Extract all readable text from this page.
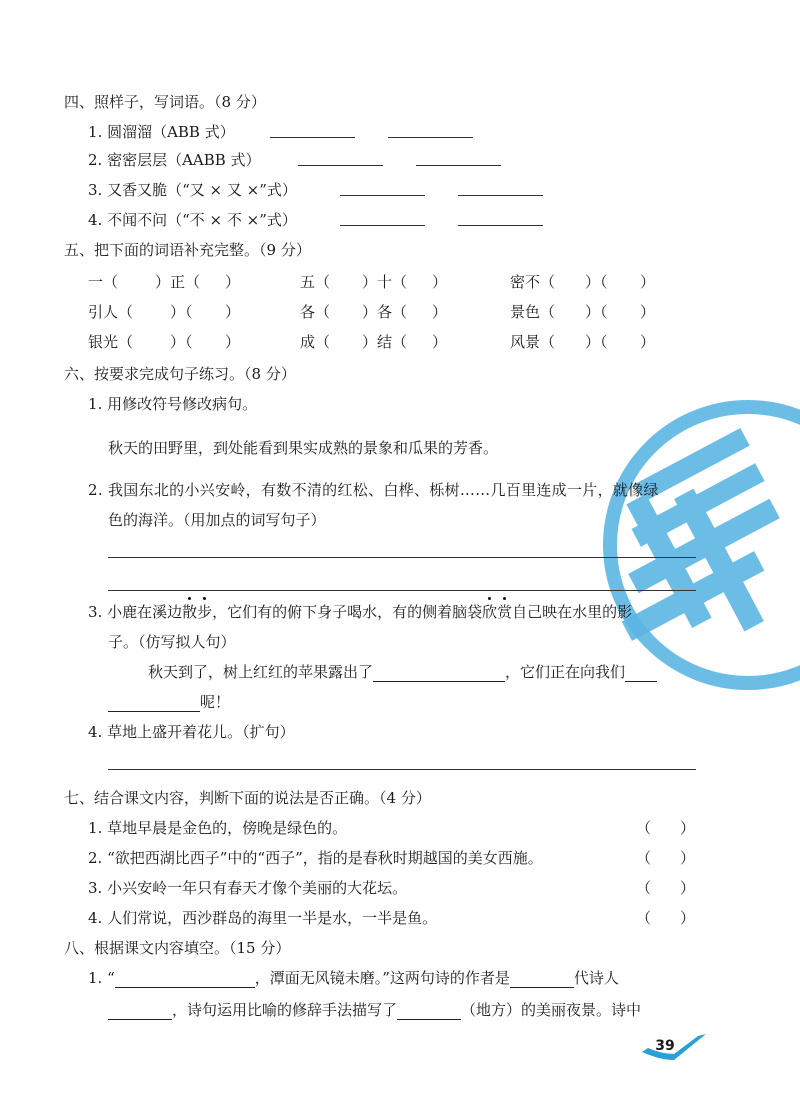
四、照样子，写词语。（8 分）
1. 圆溜溜（ABB 式）
2. 密密层层（AABB 式）
3. 又香又脆（“又 × 又 ×”式）
4. 不闻不问（“不 × 不 ×”式）
五、把下面的词语补充完整。（9 分）
一（ ）正（ ）	五（ ）十（ ）	密不（ ）（ ）
引人（ ）（ ）	各（ ）各（ ）	景色（ ）（ ）
银光（ ）（ ）	成（ ）结（ ）	风景（ ）（ ）
六、按要求完成句子练习。（8 分）
1. 用修改符号修改病句。
秋天的田野里，到处能看到果实成熟的景象和瓜果的芳香。
2. 我国东北的小兴安岭，有数不清的红松、白桦、栎树……几百里连成一片，就像绿
色的海洋。（用加点的词写句子）
3. 小鹿在溪边散步，它们有的俯下身子喝水，有的侧着脑袋欣赏自己映在水里的影
子。（仿写拟人句）
秋天到了，树上红红的苹果露出了	，它们正在向我们
呢！
4. 草地上盛开着花儿。（扩句）
七、结合课文内容，判断下面的说法是否正确。（4 分）
1. 草地早晨是金色的，傍晚是绿色的。	（ ）
2. “欲把西湖比西子”中的“西子”，指的是春秋时期越国的美女西施。	（ ）
3. 小兴安岭一年只有春天才像个美丽的大花坛。	（ ）
4. 人们常说，西沙群岛的海里一半是水，一半是鱼。	（ ）
八、根据课文内容填空。（15 分）
1. “	，潭面无风镜未磨。”这两句诗的作者是	代诗人
，诗句运用比喻的修辞手法描写了	（地方）的美丽夜景。诗中
39
